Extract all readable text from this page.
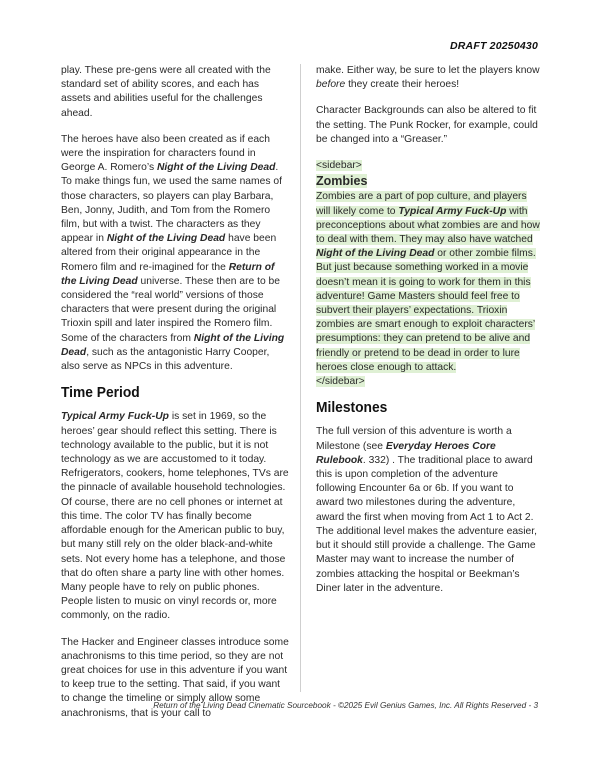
DRAFT 20250430

play. These pre-gens were all created with the standard set of ability scores, and each has assets and abilities useful for the challenges ahead.

The heroes have also been created as if each were the inspiration for characters found in George A. Romero’s Night of the Living Dead. To make things fun, we used the same names of those characters, so players can play Barbara, Ben, Jonny, Judith, and Tom from the Romero film, but with a twist. The characters as they appear in Night of the Living Dead have been altered from their original appearance in the Romero film and re-imagined for the Return of the Living Dead universe. These then are to be considered the “real world” versions of those characters that were present during the original Trioxin spill and later inspired the Romero film. Some of the characters from Night of the Living Dead, such as the antagonistic Harry Cooper, also serve as NPCs in this adventure.

Time Period

Typical Army Fuck-Up is set in 1969, so the heroes’ gear should reflect this setting. There is technology available to the public, but it is not technology as we are accustomed to it today. Refrigerators, cookers, home telephones, TVs are the pinnacle of available household technologies. Of course, there are no cell phones or internet at this time. The color TV has finally become affordable enough for the American public to buy, but many still rely on the older black-and-white sets. Not every home has a telephone, and those that do often share a party line with other homes. Many people have to rely on public phones. People listen to music on vinyl records or, more commonly, on the radio.

The Hacker and Engineer classes introduce some anachronisms to this time period, so they are not great choices for use in this adventure if you want to keep true to the setting. That said, if you want to change the timeline or simply allow some anachronisms, that is your call to

make. Either way, be sure to let the players know before they create their heroes!

Character Backgrounds can also be altered to fit the setting. The Punk Rocker, for example, could be changed into a “Greaser.”

<sidebar>
Zombies
Zombies are a part of pop culture, and players will likely come to Typical Army Fuck-Up with preconceptions about what zombies are and how to deal with them. They may also have watched Night of the Living Dead or other zombie films. But just because something worked in a movie doesn’t mean it is going to work for them in this adventure! Game Masters should feel free to subvert their players’ expectations. Trioxin zombies are smart enough to exploit characters’ presumptions: they can pretend to be alive and friendly or pretend to be dead in order to lure heroes close enough to attack.
</sidebar>
Milestones

The full version of this adventure is worth a Milestone (see Everyday Heroes Core Rulebook. 332) . The traditional place to award this is upon completion of the adventure following Encounter 6a or 6b. If you want to award two milestones during the adventure, award the first when moving from Act 1 to Act 2. The additional level makes the adventure easier, but it should still provide a challenge. The Game Master may want to increase the number of zombies attacking the hospital or Beekman’s Diner later in the adventure.

Return of the Living Dead Cinematic Sourcebook - ©2025 Evil Genius Games, Inc. All Rights Reserved - 3
